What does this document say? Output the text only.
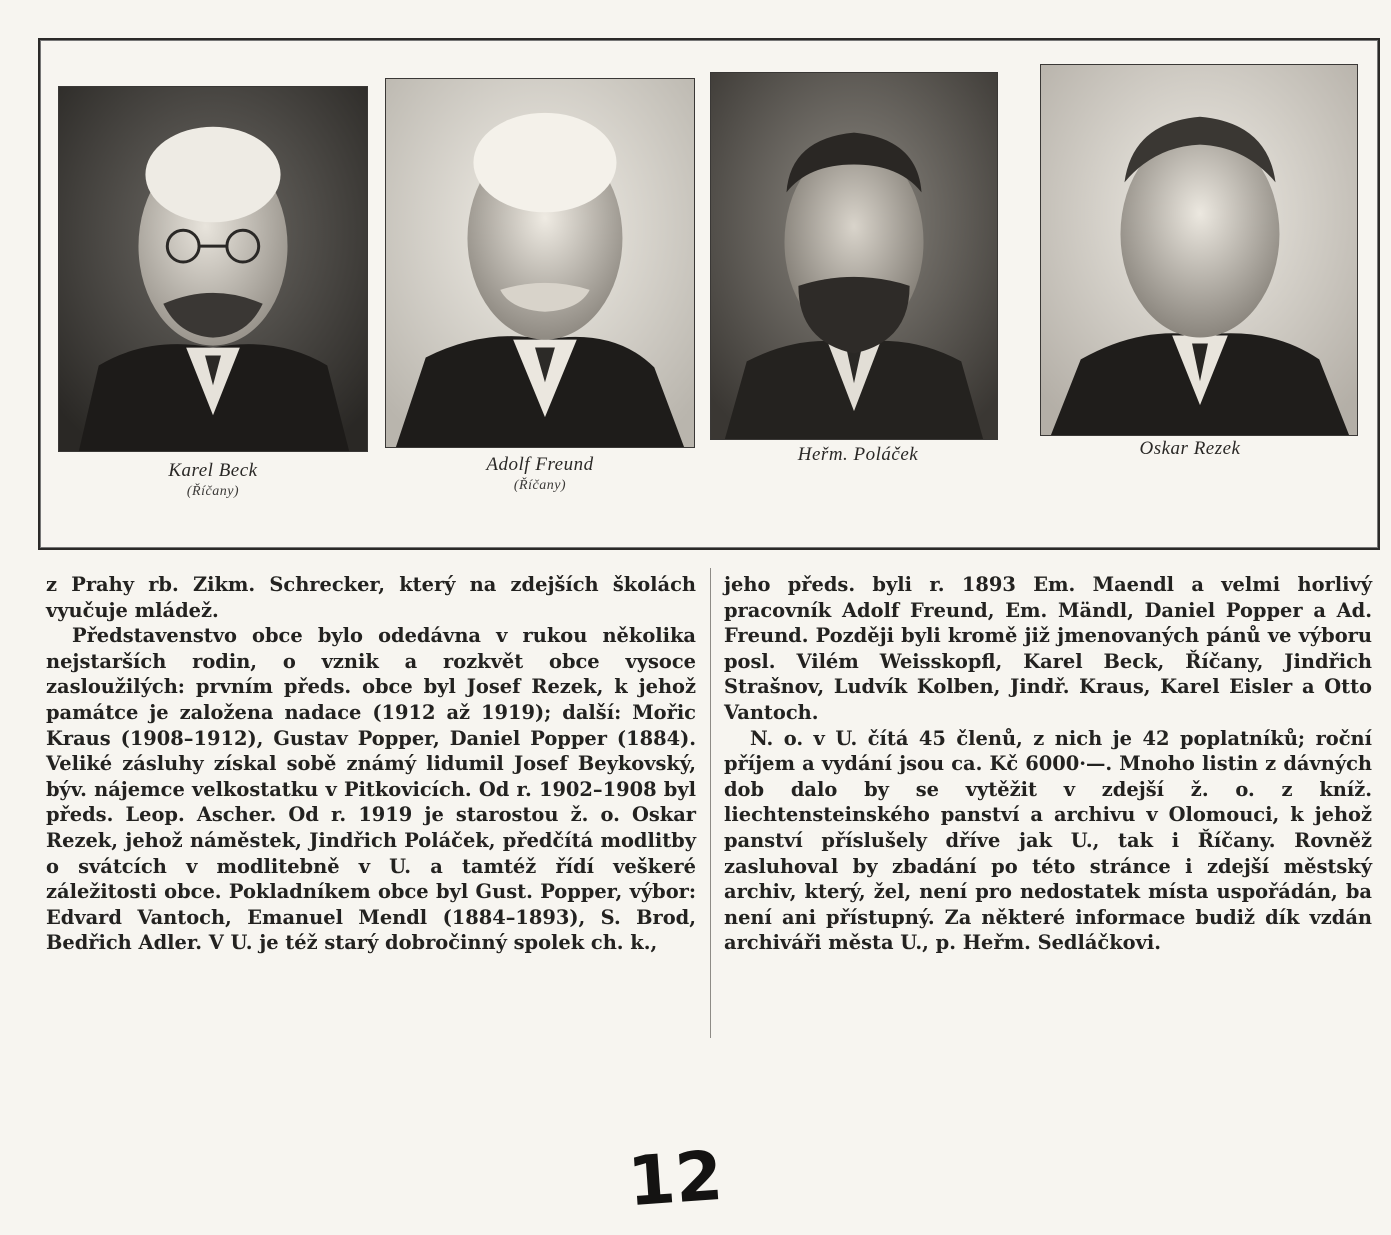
Karel Beck
(Říčany)
Adolf Freund
(Říčany)
Heřm. Poláček	Oskar Rezek

z Prahy rb. Zikm. Schrecker, který na zdejších školách vyučuje mládež.

Představenstvo obce bylo odedávna v rukou několika nejstarších rodin, o vznik a rozkvět obce vysoce zasloužilých: prvním předs. obce byl Josef Rezek, k jehož památce je založena nadace (1912 až 1919); další: Mořic Kraus (1908–1912), Gustav Popper, Daniel Popper (1884). Veliké zásluhy získal sobě známý lidumil Josef Beykovský, býv. nájemce velkostatku v Pitkovicích. Od r. 1902–1908 byl předs. Leop. Ascher. Od r. 1919 je starostou ž. o. Oskar Rezek, jehož náměstek, Jindřich Poláček, předčítá modlitby o svátcích v modlitebně v U. a tamtéž řídí veškeré záležitosti obce. Pokladníkem obce byl Gust. Popper, výbor: Edvard Vantoch, Emanuel Mendl (1884–1893), S. Brod, Bedřich Adler. V U. je též starý dobročinný spolek ch. k.,

jeho předs. byli r. 1893 Em. Maendl a velmi horlivý pracovník Adolf Freund, Em. Mändl, Daniel Popper a Ad. Freund. Později byli kromě již jmenovaných pánů ve výboru posl. Vilém Weisskopfl, Karel Beck, Říčany, Jindřich Strašnov, Ludvík Kolben, Jindř. Kraus, Karel Eisler a Otto Vantoch.

N. o. v U. čítá 45 členů, z nich je 42 poplatníků; roční příjem a vydání jsou ca. Kč 6000·—. Mnoho listin z dávných dob dalo by se vytěžit v zdejší ž. o. z kníž. liechtensteinského panství a archivu v Olomouci, k jehož panství příslušely dříve jak U., tak i Říčany. Rovněž zasluhoval by zbadání po této stránce i zdejší městský archiv, který, žel, není pro nedostatek místa uspořádán, ba není ani přístupný. Za některé informace budiž dík vzdán archiváři města U., p. Heřm. Sedláčkovi.

12
